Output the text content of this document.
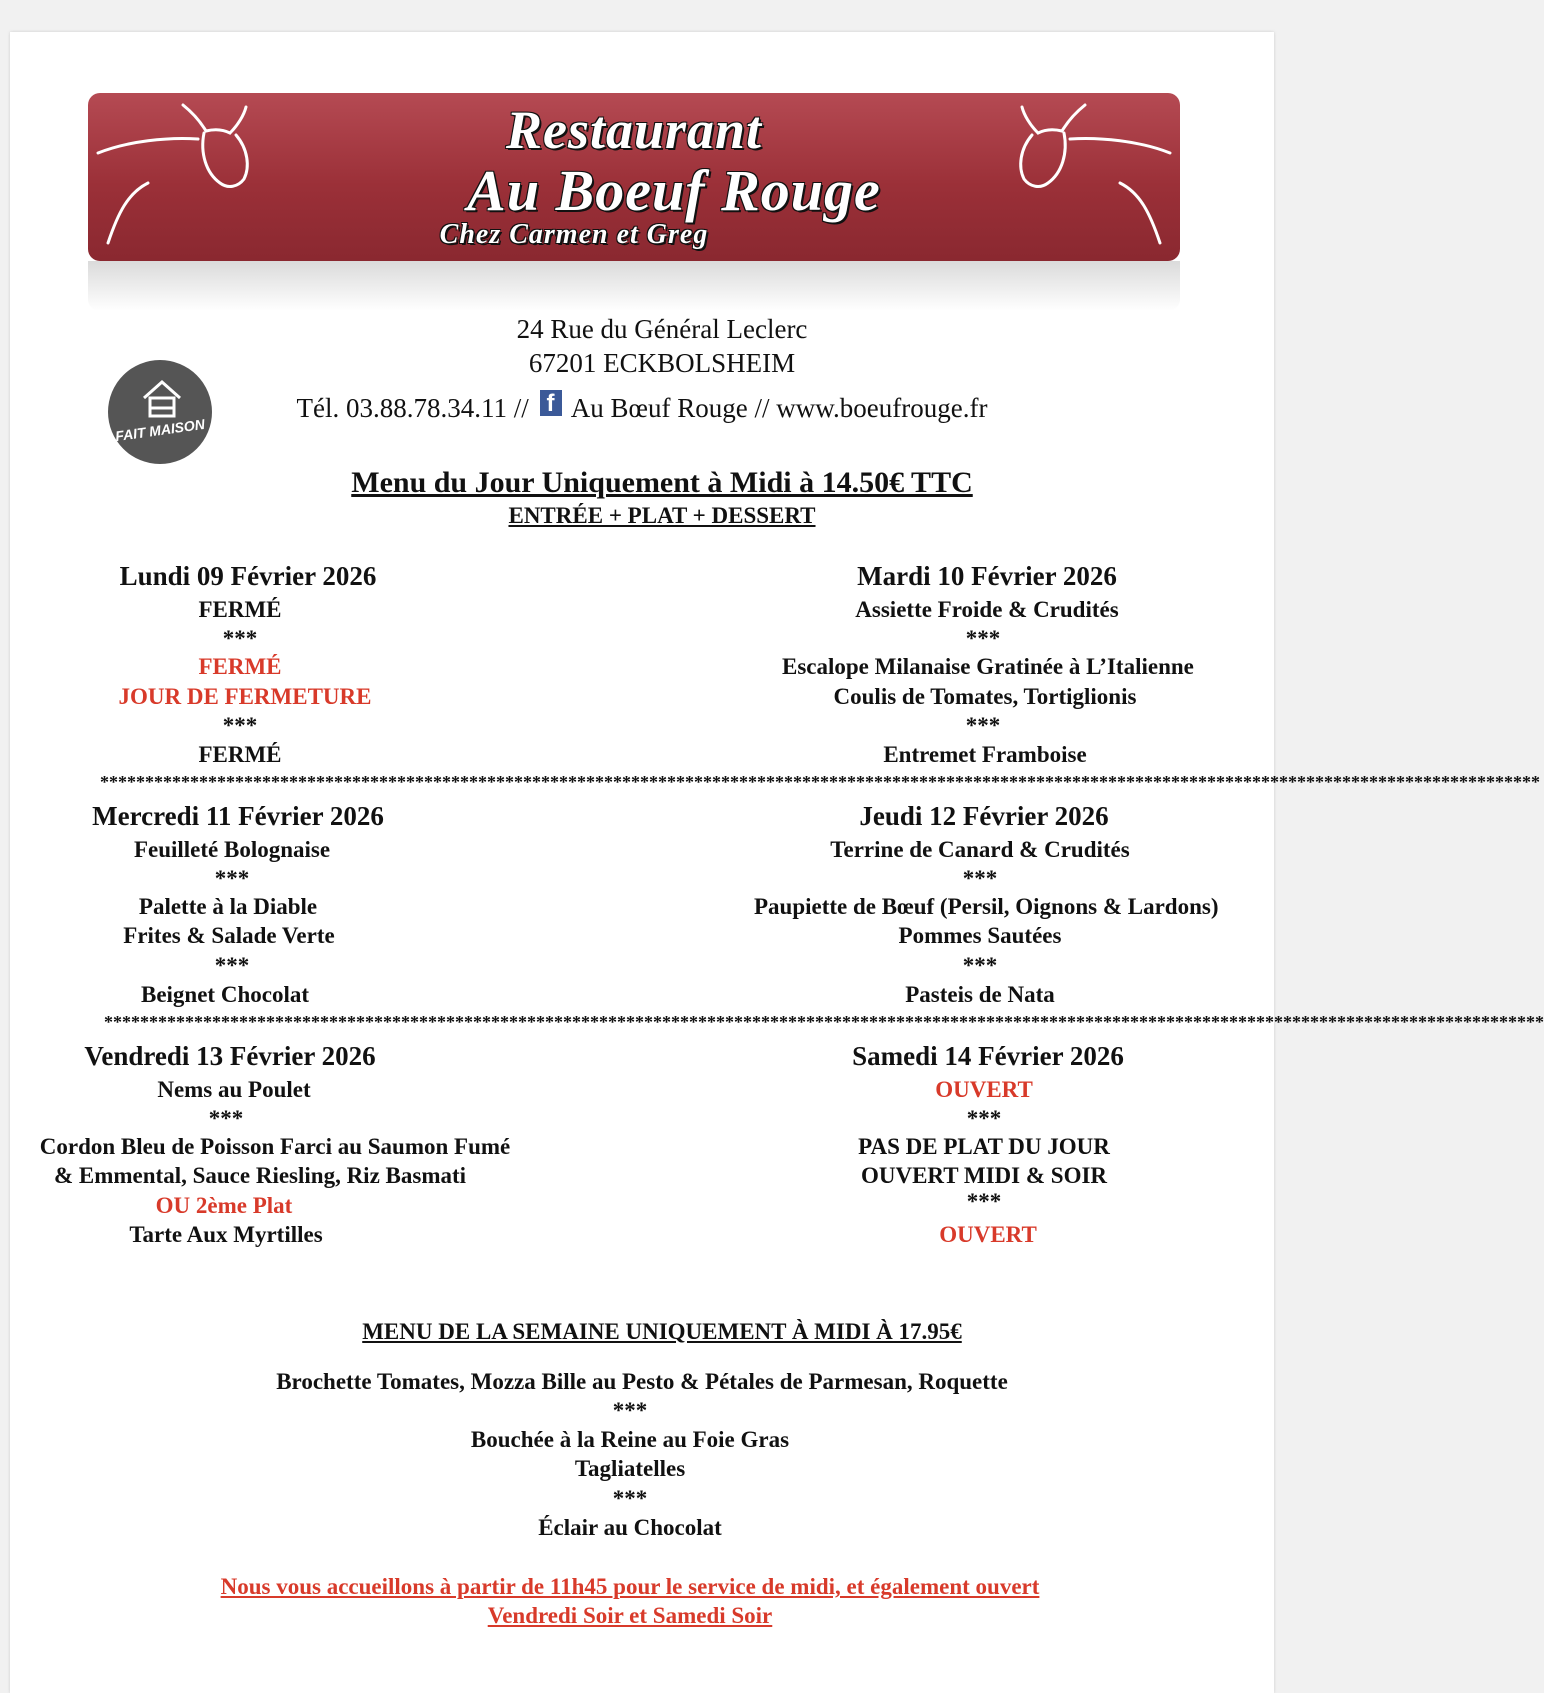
Restaurant
Au Boeuf Rouge
Chez Carmen et Greg
24 Rue du Général Leclerc
67201 ECKBOLSHEIM
Tél. 03.88.78.34.11 // f Au Bœuf Rouge // www.boeufrouge.fr
FAIT MAISON
Menu du Jour Uniquement à Midi à 14.50€ TTC
ENTRÉE + PLAT + DESSERT
Lundi 09 Février 2026
FERMÉ
***
FERMÉ
JOUR DE FERMETURE
***
FERMÉ
Mardi 10 Février 2026
Assiette Froide & Crudités
***
Escalope Milanaise Gratinée à L’Italienne
Coulis de Tomates, Tortiglionis
***
Entremet Framboise
****************************************************************************************************************************************************************
Mercredi 11 Février 2026
Feuilleté Bolognaise
***
Palette à la Diable
Frites & Salade Verte
***
Beignet Chocolat
Jeudi 12 Février 2026
Terrine de Canard & Crudités
***
Paupiette de Bœuf (Persil, Oignons & Lardons)
Pommes Sautées
***
Pasteis de Nata
****************************************************************************************************************************************************************
Vendredi 13 Février 2026
Nems au Poulet
***
Cordon Bleu de Poisson Farci au Saumon Fumé
& Emmental, Sauce Riesling, Riz Basmati
OU 2ème Plat
Tarte Aux Myrtilles
Samedi 14 Février 2026
OUVERT
***
PAS DE PLAT DU JOUR
OUVERT MIDI & SOIR
***
OUVERT
MENU DE LA SEMAINE UNIQUEMENT À MIDI À 17.95€
Brochette Tomates, Mozza Bille au Pesto & Pétales de Parmesan, Roquette
***
Bouchée à la Reine au Foie Gras
Tagliatelles
***
Éclair au Chocolat
Nous vous accueillons à partir de 11h45 pour le service de midi, et également ouvert
Vendredi Soir et Samedi Soir
